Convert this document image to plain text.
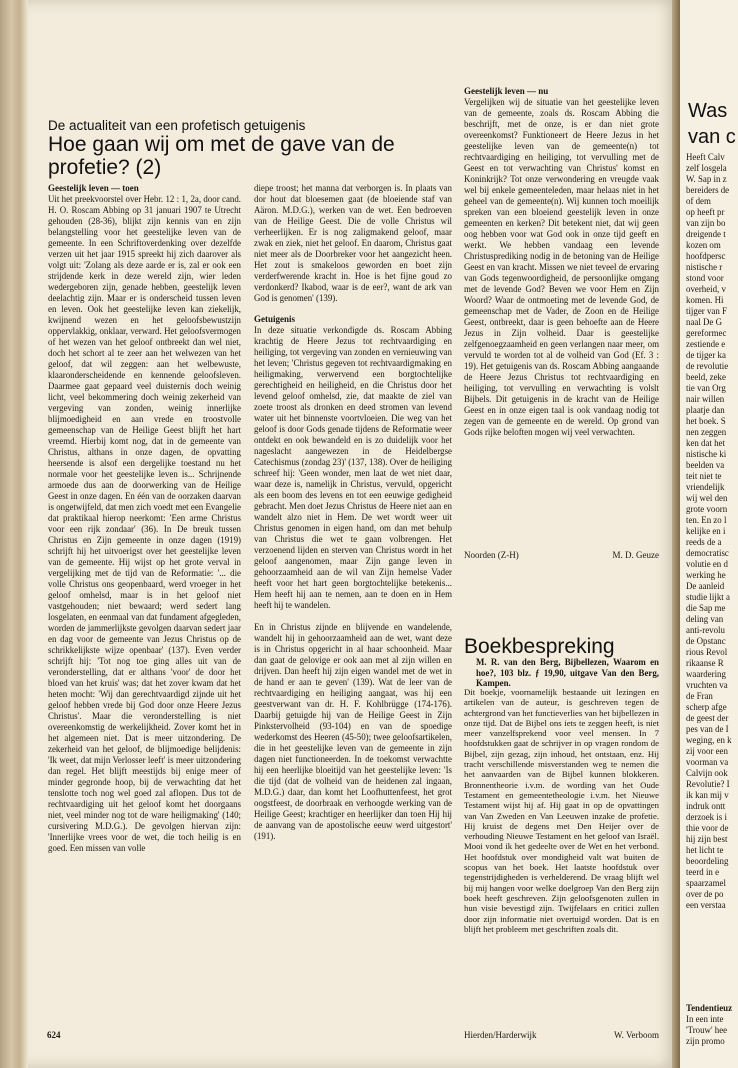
De actualiteit van een profetisch getuigenis
Hoe gaan wij om met de gave van de profetie? (2)

Geestelijk leven — toen

Uit het preekvoorstel over Hebr. 12 : 1, 2a, door cand. H. O. Roscam Abbing op 31 januari 1907 te Utrecht gehouden (28-36), blijkt zijn kennis van en zijn belangstelling voor het geestelijke leven van de gemeente. In een Schriftoverdenking over dezelfde verzen uit het jaar 1915 spreekt hij zich daarover als volgt uit: 'Zolang als deze aarde er is, zal er ook een strijdende kerk in deze wereld zijn, wier leden wedergeboren zijn, genade hebben, geestelijk leven deelachtig zijn. Maar er is onderscheid tussen leven en leven. Ook het geestelijke leven kan ziekelijk, kwijnend wezen en het geloofsbewustzijn oppervlakkig, onklaar, verward. Het geloofsvermogen of het wezen van het geloof ontbreekt dan wel niet, doch het schort al te zeer aan het welwezen van het geloof, dat wil zeggen: aan het welbewuste, klaaronderscheidende en kennende geloofsleven. Daarmee gaat gepaard veel duisternis doch weinig licht, veel bekommering doch weinig zekerheid van vergeving van zonden, weinig innerlijke blijmoedigheid en aan vrede en troostvolle gemeenschap van de Heilige Geest blijft het hart vreemd. Hierbij komt nog, dat in de gemeente van Christus, althans in onze dagen, de opvatting heersende is alsof een dergelijke toestand nu het normale voor het geestelijke leven is... Schrijnende armoede dus aan de doorwerking van de Heilige Geest in onze dagen. En één van de oorzaken daarvan is ongetwijfeld, dat men zich voedt met een Evangelie dat praktikaal hierop neerkomt: 'Een arme Christus voor een rijk zondaar' (36). In De breuk tussen Christus en Zijn gemeente in onze dagen (1919) schrijft hij het uitvoerigst over het geestelijke leven van de gemeente. Hij wijst op het grote verval in vergelijking met de tijd van de Reformatie: '... die volle Christus ons geopenbaard, werd vroeger in het geloof omhelsd, maar is in het geloof niet vastgehouden; niet bewaard; werd sedert lang losgelaten, en eenmaal van dat fundament afgegleden, worden de jammerlijkste gevolgen daarvan sedert jaar en dag voor de gemeente van Jezus Christus op de schrikkelijkste wijze openbaar' (137). Even verder schrijft hij: 'Tot nog toe ging alles uit van de veronderstelling, dat er althans 'voor' de door het bloed van het kruis' was; dat het zover kwam dat het heten mocht: 'Wij dan gerechtvaardigd zijnde uit het geloof hebben vrede bij God door onze Heere Jezus Christus'. Maar die veronderstelling is niet overeenkomstig de werkelijkheid. Zover komt het in het algemeen niet. Dat is meer uitzondering. De zekerheid van het geloof, de blijmoedige belijdenis: 'Ik weet, dat mijn Verlosser leeft' is meer uitzondering dan regel. Het blijft meestijds bij enige meer of minder gegronde hoop, bij de verwachting dat het tenslotte toch nog wel goed zal aflopen. Dus tot de rechtvaardiging uit het geloof komt het doorgaans niet, veel minder nog tot de ware heiligmaking' (140; cursivering M.D.G.). De gevolgen hiervan zijn: 'Innerlijke vrees voor de wet, die toch heilig is en goed. Een missen van volle

diepe troost; het manna dat verborgen is. In plaats van dor hout dat bloesemen gaat (de bloeiende staf van Aäron. M.D.G.), werken van de wet. Een bedroeven van de Heilige Geest. Die de volle Christus wil verheerlijken. Er is nog zaligmakend geloof, maar zwak en ziek, niet het geloof. En daarom, Christus gaat niet meer als de Doorbreker voor het aangezicht heen. Het zout is smakeloos geworden en boet zijn verderfwerende kracht in. Hoe is het fijne goud zo verdonkerd? Ikabod, waar is de eer?, want de ark van God is genomen' (139).

Getuigenis

In deze situatie verkondigde ds. Roscam Abbing krachtig de Heere Jezus tot rechtvaardiging en heiliging, tot vergeving van zonden en vernieuwing van het leven; 'Christus gegeven tot rechtvaardigmaking en heiligmaking, verwervend een borgtochtelijke gerechtigheid en heiligheid, en die Christus door het levend geloof omhelsd, zie, dat maakte de ziel van zoete troost als dronken en deed stromen van levend water uit het binnenste voortvloeien. Die weg van het geloof is door Gods genade tijdens de Reformatie weer ontdekt en ook bewandeld en is zo duidelijk voor het nageslacht aangewezen in de Heidelbergse Catechismus (zondag 23)' (137, 138). Over de heiliging schreef hij: 'Geen wonder, men laat de wet niet daar, waar deze is, namelijk in Christus, vervuld, opgericht als een boom des levens en tot een eeuwige gedigheid gebracht. Men doet Jezus Christus de Heere niet aan en wandelt alzo niet in Hem. De wet wordt weer uit Christus genomen in eigen hand, om dan met behulp van Christus die wet te gaan volbrengen. Het verzoenend lijden en sterven van Christus wordt in het geloof aangenomen, maar Zijn gange leven in gehoorzaamheid aan de wil van Zijn hemelse Vader heeft voor het hart geen borgtochtelijke betekenis... Hem heeft hij aan te nemen, aan te doen en in Hem heeft hij te wandelen.

En in Christus zijnde en blijvende en wandelende, wandelt hij in gehoorzaamheid aan de wet, want deze is in Christus opgericht in al haar schoonheid. Maar dan gaat de gelovige er ook aan met al zijn willen en drijven. Dan heeft hij zijn eigen wandel met de wet in de hand er aan te geven' (139). Wat de leer van de rechtvaardiging en heiliging aangaat, was hij een geestverwant van dr. H. F. Kohlbrügge (174-176). Daarbij getuigde hij van de Heilige Geest in Zijn Pinkstervolheid (93-104) en van de spoedige wederkomst des Heeren (45-50); twee geloofsartikelen, die in het geestelijke leven van de gemeente in zijn dagen niet functioneerden. In de toekomst verwachtte hij een heerlijke bloeitijd van het geestelijke leven: 'Is die tijd (dat de volheid van de heidenen zal ingaan, M.D.G.) daar, dan komt het Loofhuttenfeest, het grot oogstfeest, de doorbraak en verhoogde werking van de Heilige Geest; krachtiger en heerlijker dan toen Hij hij de aanvang van de apostolische eeuw werd uitgestort' (191).

Geestelijk leven — nu

Vergelijken wij de situatie van het geestelijke leven van de gemeente, zoals ds. Roscam Abbing die beschrijft, met de onze, is er dan niet grote overeenkomst? Funktioneert de Heere Jezus in het geestelijke leven van de gemeente(n) tot rechtvaardiging en heiliging, tot vervulling met de Geest en tot verwachting van Christus' komst en Koninkrijk? Tot onze verwondering en vreugde vaak wel bij enkele gemeenteleden, maar helaas niet in het geheel van de gemeente(n). Wij kunnen toch moeilijk spreken van een bloeiend geestelijk leven in onze gemeenten en kerken? Dit betekent niet, dat wij geen oog hebben voor wat God ook in onze tijd geeft en werkt. We hebben vandaag een levende Christusprediking nodig in de betoning van de Heilige Geest en van kracht. Missen we niet teveel de ervaring van Gods tegenwoordigheid, de persoonlijke omgang met de levende God? Beven we voor Hem en Zijn Woord? Waar de ontmoeting met de levende God, de gemeenschap met de Vader, de Zoon en de Heilige Geest, ontbreekt, daar is geen behoefte aan de Heere Jezus in Zijn volheid. Daar is geestelijke zelfgenoegzaamheid en geen verlangen naar meer, om vervuld te worden tot al de volheid van God (Ef. 3 : 19). Het getuigenis van ds. Roscam Abbing aangaande de Heere Jezus Christus tot rechtvaardiging en heiliging, tot vervulling en verwachting is volslt Bijbels. Dit getuigenis in de kracht van de Heilige Geest en in onze eigen taal is ook vandaag nodig tot zegen van de gemeente en de wereld. Op grond van Gods rijke beloften mogen wij veel verwachten.

Noorden (Z-H)	M. D. Geuze
Boekbespreking
M. R. van den Berg, Bijbellezen, Waarom en hoe?, 103 blz. ƒ 19,90, uitgave Van den Berg, Kampen.
Dit boekje, voornamelijk bestaande uit lezingen en artikelen van de auteur, is geschreven tegen de achtergrond van het functieverlies van het bijbellezen in onze tijd. Dat de Bijbel ons iets te zeggen heeft, is niet meer vanzelfsprekend voor veel mensen. In 7 hoofdstukken gaat de schrijver in op vragen rondom de Bijbel, zijn gezag, zijn inhoud, het ontstaan, enz. Hij tracht verschillende misverstanden weg te nemen die het aanvaarden van de Bijbel kunnen blokkeren. Bronnentheorie i.v.m. de wording van het Oude Testament en gemeentetheologie i.v.m. het Nieuwe Testament wijst hij af. Hij gaat in op de opvattingen van Van Zweden en Van Leeuwen inzake de profetie. Hij kruist de degens met Den Heijer over de verhouding Nieuwe Testament en het geloof van Israël. Mooi vond ik het gedeelte over de Wet en het verbond. Het hoofdstuk over mondigheid valt wat buiten de scopus van het boek. Het laatste hoofdstuk over tegenstrijdigheden is verhelderend. De vraag blijft wel bij mij hangen voor welke doelgroep Van den Berg zijn boek heeft geschreven. Zijn geloofsgenoten zullen in hun visie bevestigd zijn. Twijfelaars en critici zullen door zijn informatie niet overtuigd worden. Dat is en blijft het probleem met geschriften zoals dit.
Hierden/Harderwijk	W. Verboom
624
Was
van c
Heeft Calv
zelf losgela
W. Sap in z
bereiders de
of dem
op heeft pr
van zijn bo
dreigende t
kozen om
hoofdpersc
nistische r
stond voor
overheid, v
komen. Hi
tijger van F
naal De G
gereformec
zestiende e
de tijger ka
de revolutie
beeld, zeke
tie van Org
nair willen
plaatje dan
het boek. S
nen zeggen
ken dat het
nistische ki
beelden va
teit niet te
vriendelijk
wij wel den
grote voorn
ten. En zo l
kelijke en i
reeds de a
democratisc
volutie en d
werking he
De aanleid
studie lijkt a
die Sap me
deling van
anti-revolu
de Opstanc
rious Revol
rikaanse R
waardering
vruchten va
de Fran
scherp afge
de geest der
pes van de I
weging, en k
zij voor een
voorman va
Calvijn ook
Revolutie? I
ik kan mij v
indruk ontt
derzoek is i
thie voor de
hij zijn best
het licht te
beoordeling
teerd in e
spaarzamel
over de po
een verstaa
Tendentieuz
In een inte
'Trouw' hee
zijn promo
